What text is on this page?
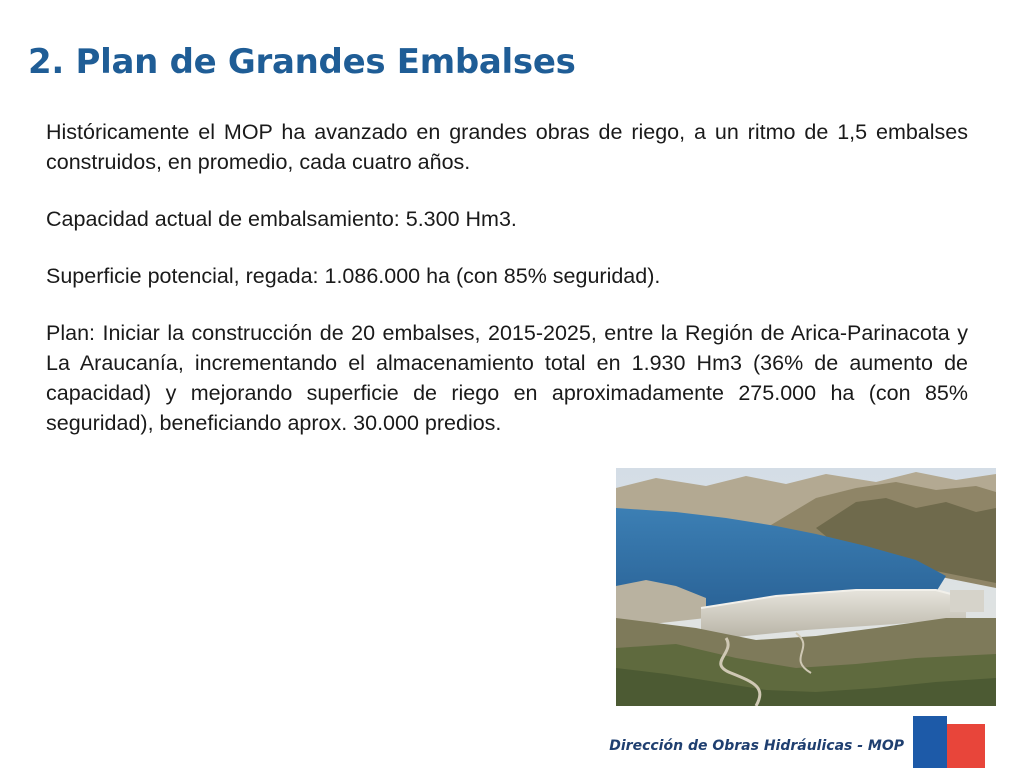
2. Plan de Grandes Embalses

Históricamente el MOP ha avanzado en grandes obras de riego, a un ritmo de 1,5 embalses construidos, en promedio, cada cuatro años.

Capacidad actual de embalsamiento: 5.300 Hm3.

Superficie potencial, regada: 1.086.000 ha (con 85% seguridad).

Plan: Iniciar la construcción de 20 embalses, 2015-2025, entre la Región de Arica-Parinacota y La Araucanía, incrementando el almacenamiento total en 1.930 Hm3 (36% de aumento de capacidad) y mejorando superficie de riego en aproximadamente 275.000 ha (con 85% seguridad), beneficiando aprox. 30.000 predios.

Dirección de Obras Hidráulicas - MOP
